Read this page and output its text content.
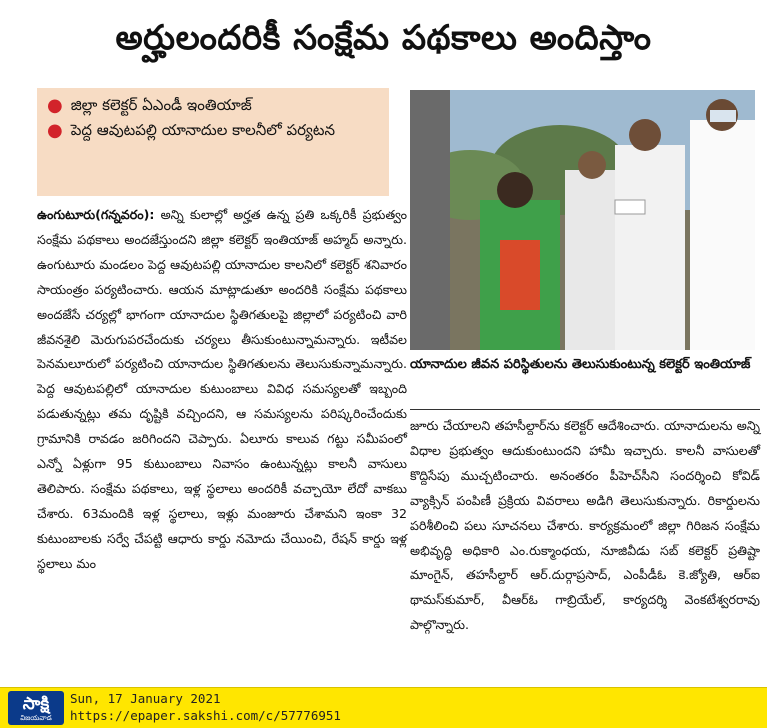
అర్హులందరికీ సంక్షేమ పథకాలు అందిస్తాం
● జిల్లా కలెక్టర్ ఏఎండీ ఇంతియాజ్
● పెద్ద ఆవుటపల్లి యానాదుల కాలనీలో పర్యటన

ఉంగుటూరు(గన్నవరం): అన్ని కులాల్లో అర్హత ఉన్న ప్రతి ఒక్కరికీ ప్రభుత్వం సంక్షేమ పథకాలు అందజేస్తుందని జిల్లా కలెక్టర్ ఇంతియాజ్ అహ్మద్ అన్నారు. ఉంగుటూరు మండలం పెద్ద ఆవుటపల్లి యానాదుల కాలనిలో కలెక్టర్ శనివారం సాయంత్రం పర్యటించారు. ఆయన మాట్లాడుతూ అందరికి సంక్షేమ పథకాలు అందజేసే చర్యల్లో భాగంగా యానాదుల స్థితిగతులపై జిల్లాలో పర్యటించి వారి జీవనశైలి మెరుగుపరచేందుకు చర్యలు తీసుకుంటున్నామన్నారు. ఇటీవల పెనమలూరులో పర్యటించి యానాదుల స్థితిగతులను తెలుసుకున్నామన్నారు. పెద్ద ఆవుటపల్లిలో యానాదుల కుటుంబాలు వివిధ సమస్యలతో ఇబ్బంది పడుతున్నట్లు తమ దృష్టికి వచ్చిందని, ఆ సమస్యలను పరిష్కరించేందుకు గ్రామానికి రావడం జరిగిందని చెప్పారు. ఏలూరు కాలువ గట్టు సమీపంలో ఎన్నో ఏళ్లుగా 95 కుటుంబాలు నివాసం ఉంటున్నట్లు కాలనీ వాసులు తెలిపారు. సంక్షేమ పథకాలు, ఇళ్ల స్థలాలు అందరికీ వచ్చాయో లేదో వాకబు చేశారు. 63మందికి ఇళ్ల స్థలాలు, ఇళ్లు మంజూరు చేశామని ఇంకా 32 కుటుంబాలకు సర్వే చేపట్టి ఆధారు కార్డు నమోదు చేయించి, రేషన్ కార్డు ఇళ్ల స్థలాలు మం

యానాదుల జీవన పరిస్థితులను తెలుసుకుంటున్న కలెక్టర్ ఇంతియాజ్

జూరు చేయాలని తహసీల్దార్‌ను కలెక్టర్ ఆదేశించారు. యానాదులను అన్ని విధాల ప్రభుత్వం ఆదుకుంటుందని హామీ ఇచ్చారు. కాలనీ వాసులతో కొద్దిసేపు ముచ్చటించారు. అనంతరం పీహెచ్‌సీని సందర్శించి కోవిడ్ వ్యాక్సిన్ పంపిణీ ప్రక్రియ వివరాలు అడిగి తెలుసుకున్నారు. రికార్డులను పరిశీలించి పలు సూచనలు చేశారు. కార్యక్రమంలో జిల్లా గిరిజన సంక్షేమ అభివృద్ధి అధికారి ఎం.రుక్మాంధయ, నూజివీడు సబ్ కలెక్టర్ ప్రతిష్టా మాంగైన్, తహసీల్దార్ ఆర్.దుర్గాప్రసాద్, ఎంపీడీఓ కె.జ్యోతి, ఆర్‌ఐ థామస్‌కుమార్, వీఆర్‌ఓ గాబ్రియేల్, కార్యదర్శి వెంకటేశ్వరరావు పాల్గొన్నారు.

సాక్షి
విజయవాడ
Sun, 17 January 2021
https://epaper.sakshi.com/c/57776951
